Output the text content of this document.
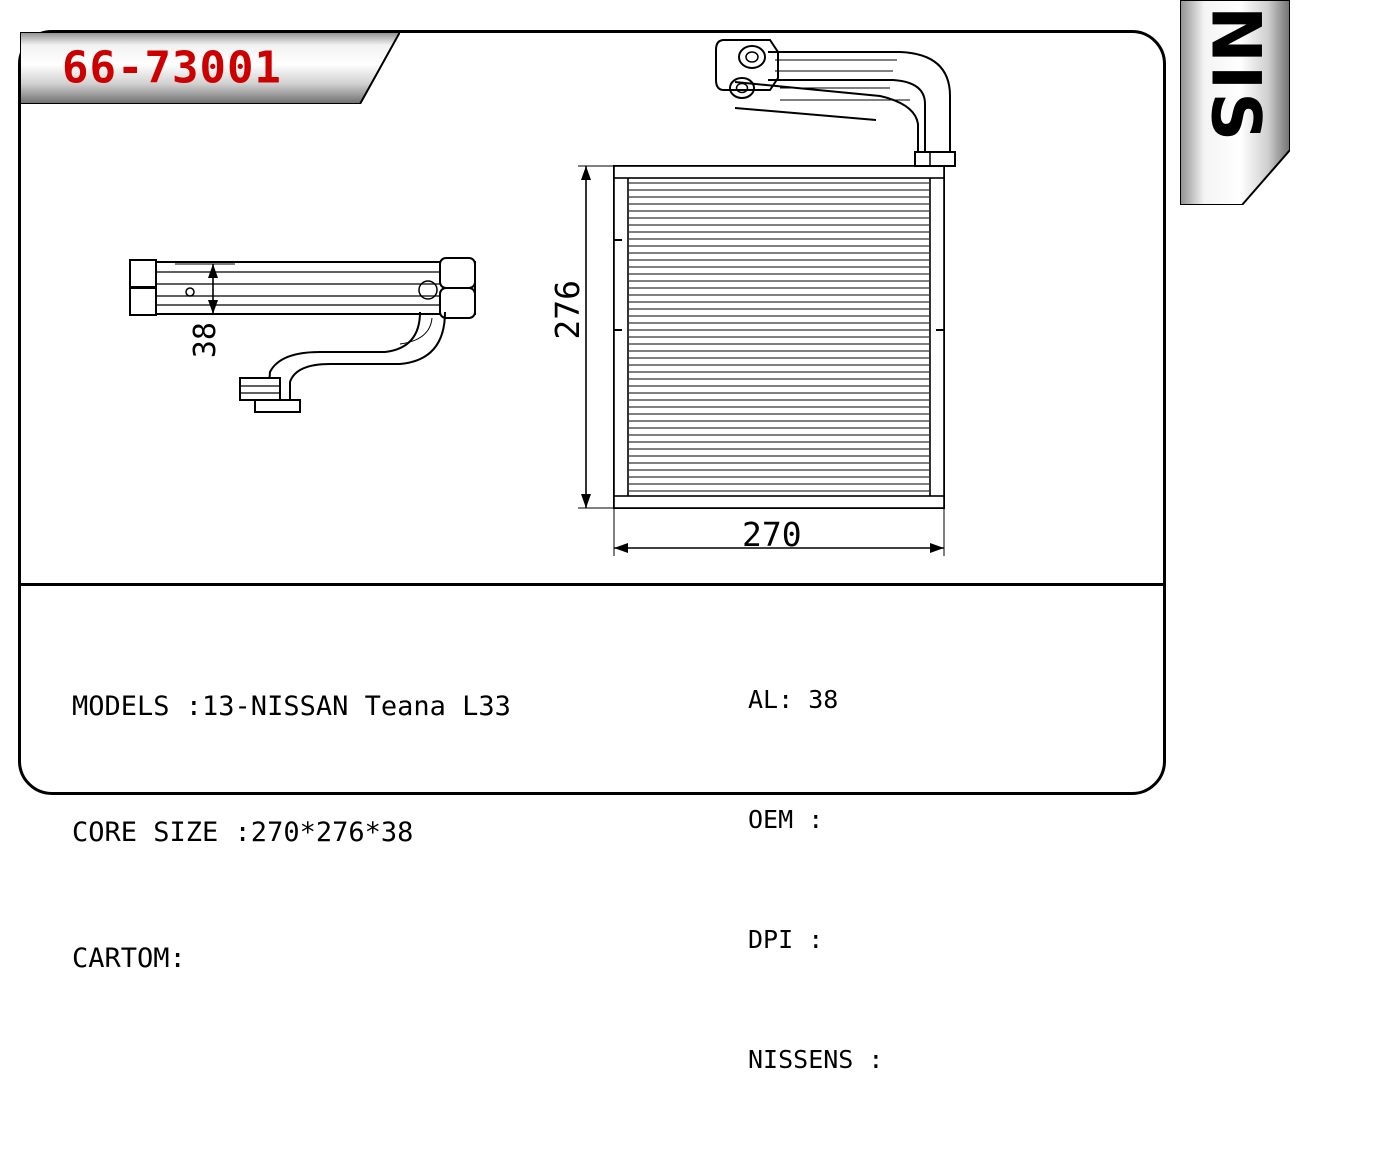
66-73001	NIS
276
270
38

MODELS :13-NISSAN Teana L33

CORE SIZE :270*276*38

CARTOM:

AL: 38

OEM :

DPI :

NISSENS :
